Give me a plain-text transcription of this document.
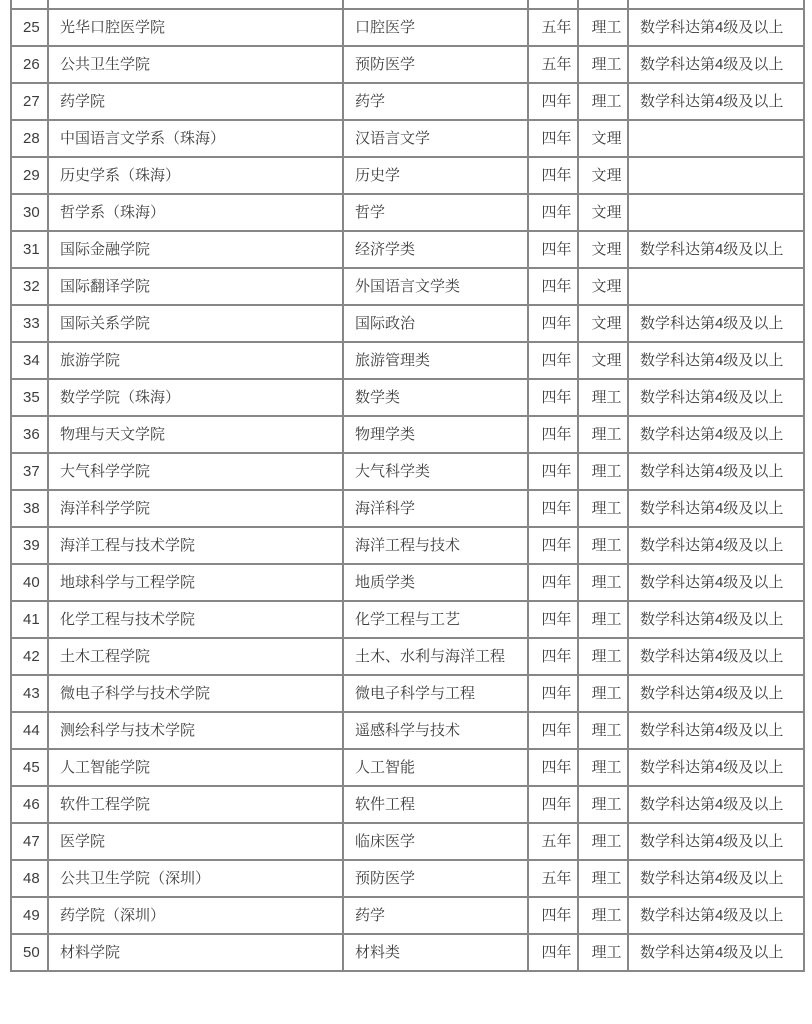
25	光华口腔医学院	口腔医学	五年	理工	数学科达第4级及以上
26	公共卫生学院	预防医学	五年	理工	数学科达第4级及以上
27	药学院	药学	四年	理工	数学科达第4级及以上
28	中国语言文学系（珠海）	汉语言文学	四年	文理	
29	历史学系（珠海）	历史学	四年	文理	
30	哲学系（珠海）	哲学	四年	文理	
31	国际金融学院	经济学类	四年	文理	数学科达第4级及以上
32	国际翻译学院	外国语言文学类	四年	文理	
33	国际关系学院	国际政治	四年	文理	数学科达第4级及以上
34	旅游学院	旅游管理类	四年	文理	数学科达第4级及以上
35	数学学院（珠海）	数学类	四年	理工	数学科达第4级及以上
36	物理与天文学院	物理学类	四年	理工	数学科达第4级及以上
37	大气科学学院	大气科学类	四年	理工	数学科达第4级及以上
38	海洋科学学院	海洋科学	四年	理工	数学科达第4级及以上
39	海洋工程与技术学院	海洋工程与技术	四年	理工	数学科达第4级及以上
40	地球科学与工程学院	地质学类	四年	理工	数学科达第4级及以上
41	化学工程与技术学院	化学工程与工艺	四年	理工	数学科达第4级及以上
42	土木工程学院	土木、水利与海洋工程	四年	理工	数学科达第4级及以上
43	微电子科学与技术学院	微电子科学与工程	四年	理工	数学科达第4级及以上
44	测绘科学与技术学院	遥感科学与技术	四年	理工	数学科达第4级及以上
45	人工智能学院	人工智能	四年	理工	数学科达第4级及以上
46	软件工程学院	软件工程	四年	理工	数学科达第4级及以上
47	医学院	临床医学	五年	理工	数学科达第4级及以上
48	公共卫生学院（深圳）	预防医学	五年	理工	数学科达第4级及以上
49	药学院（深圳）	药学	四年	理工	数学科达第4级及以上
50	材料学院	材料类	四年	理工	数学科达第4级及以上
